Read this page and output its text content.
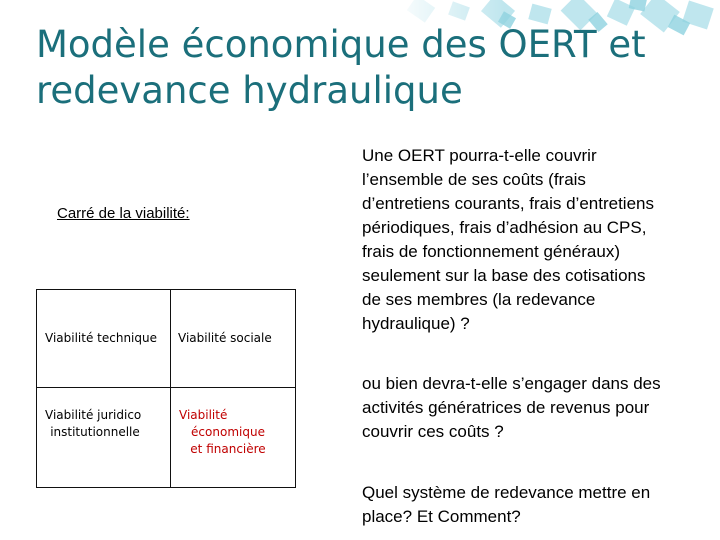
Modèle économique des OERT et
redevance hydraulique
Carré de la viabilité:
Viabilité technique Viabilité sociale
Viabilité juridico
institutionnelle
Viabilité
économique
et financière

Une OERT pourra-t-elle couvrir l’ensemble de ses coûts (frais d’entretiens courants, frais d’entretiens périodiques, frais d’adhésion au CPS, frais de fonctionnement généraux) seulement sur la base des cotisations de ses membres (la redevance hydraulique) ?

ou bien devra-t-elle s’engager dans des activités génératrices de revenus pour couvrir ces coûts ?

Quel système de redevance mettre en place? Et Comment?
